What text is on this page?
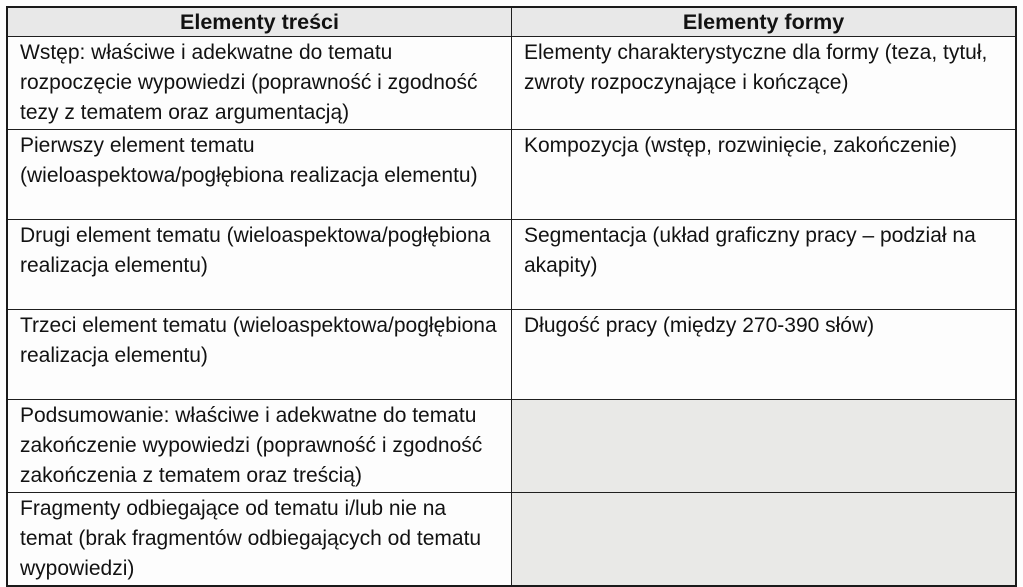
Elementy treści	Elementy formy
Wstęp: właściwe i adekwatne do tematu rozpoczęcie wypowiedzi (poprawność i zgodność tezy z tematem oraz argumentacją)	Elementy charakterystyczne dla formy (teza, tytuł, zwroty rozpoczynające i kończące)
Pierwszy element tematu (wieloaspektowa/pogłębiona realizacja elementu)	Kompozycja (wstęp, rozwinięcie, zakończenie)
Drugi element tematu (wieloaspektowa/pogłębiona realizacja elementu)	Segmentacja (układ graficzny pracy – podział na akapity)
Trzeci element tematu (wieloaspektowa/pogłębiona realizacja elementu)	Długość pracy (między 270-390 słów)
Podsumowanie: właściwe i adekwatne do tematu zakończenie wypowiedzi (poprawność i zgodność zakończenia z tematem oraz treścią)	
Fragmenty odbiegające od tematu i/lub nie na temat (brak fragmentów odbiegających od tematu wypowiedzi)	
